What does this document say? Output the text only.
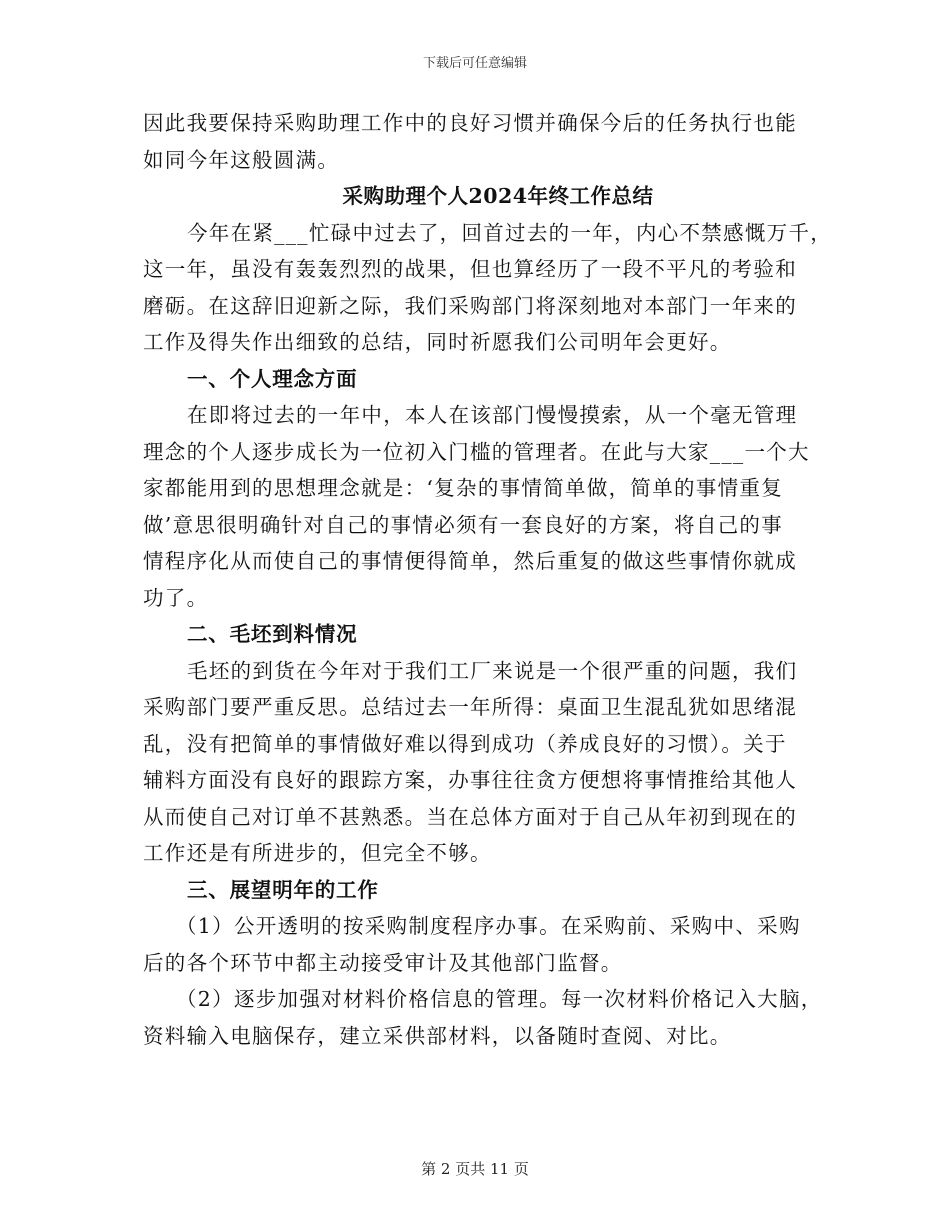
下载后可任意编辑
因此我要保持采购助理工作中的良好习惯并确保今后的任务执行也能
如同今年这般圆满。
采购助理个人2024年终工作总结
今年在紧___忙碌中过去了，回首过去的一年，内心不禁感慨万千，
这一年，虽没有轰轰烈烈的战果，但也算经历了一段不平凡的考验和
磨砺。在这辞旧迎新之际，我们采购部门将深刻地对本部门一年来的
工作及得失作出细致的总结，同时祈愿我们公司明年会更好。
一、个人理念方面
在即将过去的一年中，本人在该部门慢慢摸索，从一个毫无管理
理念的个人逐步成长为一位初入门槛的管理者。在此与大家___一个大
家都能用到的思想理念就是：‘复杂的事情简单做，简单的事情重复
做’意思很明确针对自己的事情必须有一套良好的方案，将自己的事
情程序化从而使自己的事情便得简单，然后重复的做这些事情你就成
功了。
二、毛坯到料情况
毛坯的到货在今年对于我们工厂来说是一个很严重的问题，我们
采购部门要严重反思。总结过去一年所得：桌面卫生混乱犹如思绪混
乱，没有把简单的事情做好难以得到成功（养成良好的习惯）。关于
辅料方面没有良好的跟踪方案，办事往往贪方便想将事情推给其他人
从而使自己对订单不甚熟悉。当在总体方面对于自己从年初到现在的
工作还是有所进步的，但完全不够。
三、展望明年的工作
（1）公开透明的按采购制度程序办事。在采购前、采购中、采购
后的各个环节中都主动接受审计及其他部门监督。
（2）逐步加强对材料价格信息的管理。每一次材料价格记入大脑，
资料输入电脑保存，建立采供部材料，以备随时查阅、对比。
第 2 页共 11 页
